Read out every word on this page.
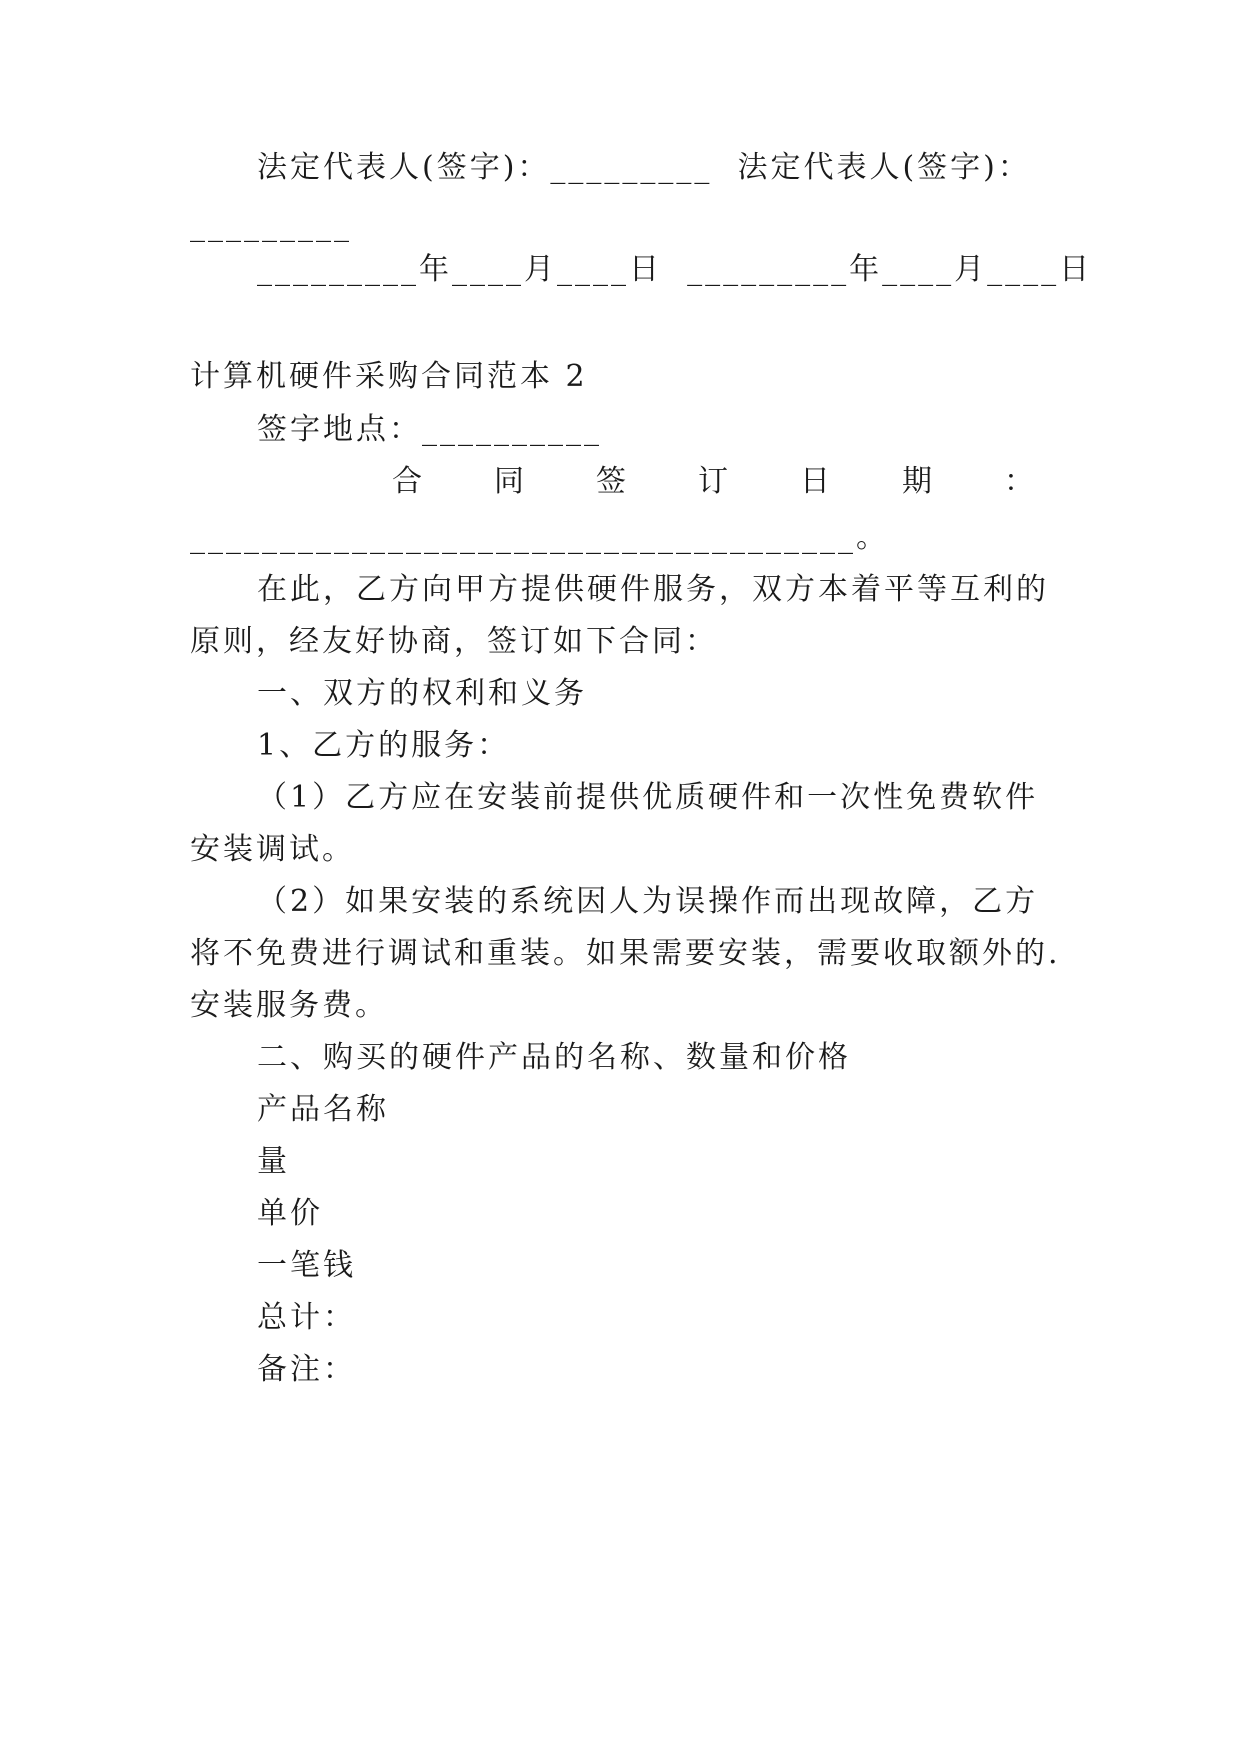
法定代表人(签字)：_________  法定代表人(签字)：
_________
_________年____月____日  _________年____月____日
计算机硬件采购合同范本 2
签字地点：__________
合 同 签 订 日 期 ：
_____________________________________。
在此，乙方向甲方提供硬件服务，双方本着平等互利的
原则，经友好协商，签订如下合同：
一、双方的权利和义务
1、乙方的服务：
（1）乙方应在安装前提供优质硬件和一次性免费软件
安装调试。
（2）如果安装的系统因人为误操作而出现故障，乙方
将不免费进行调试和重装。如果需要安装，需要收取额外的.
安装服务费。
二、购买的硬件产品的名称、数量和价格
产品名称
量
单价
一笔钱
总计：
备注：
